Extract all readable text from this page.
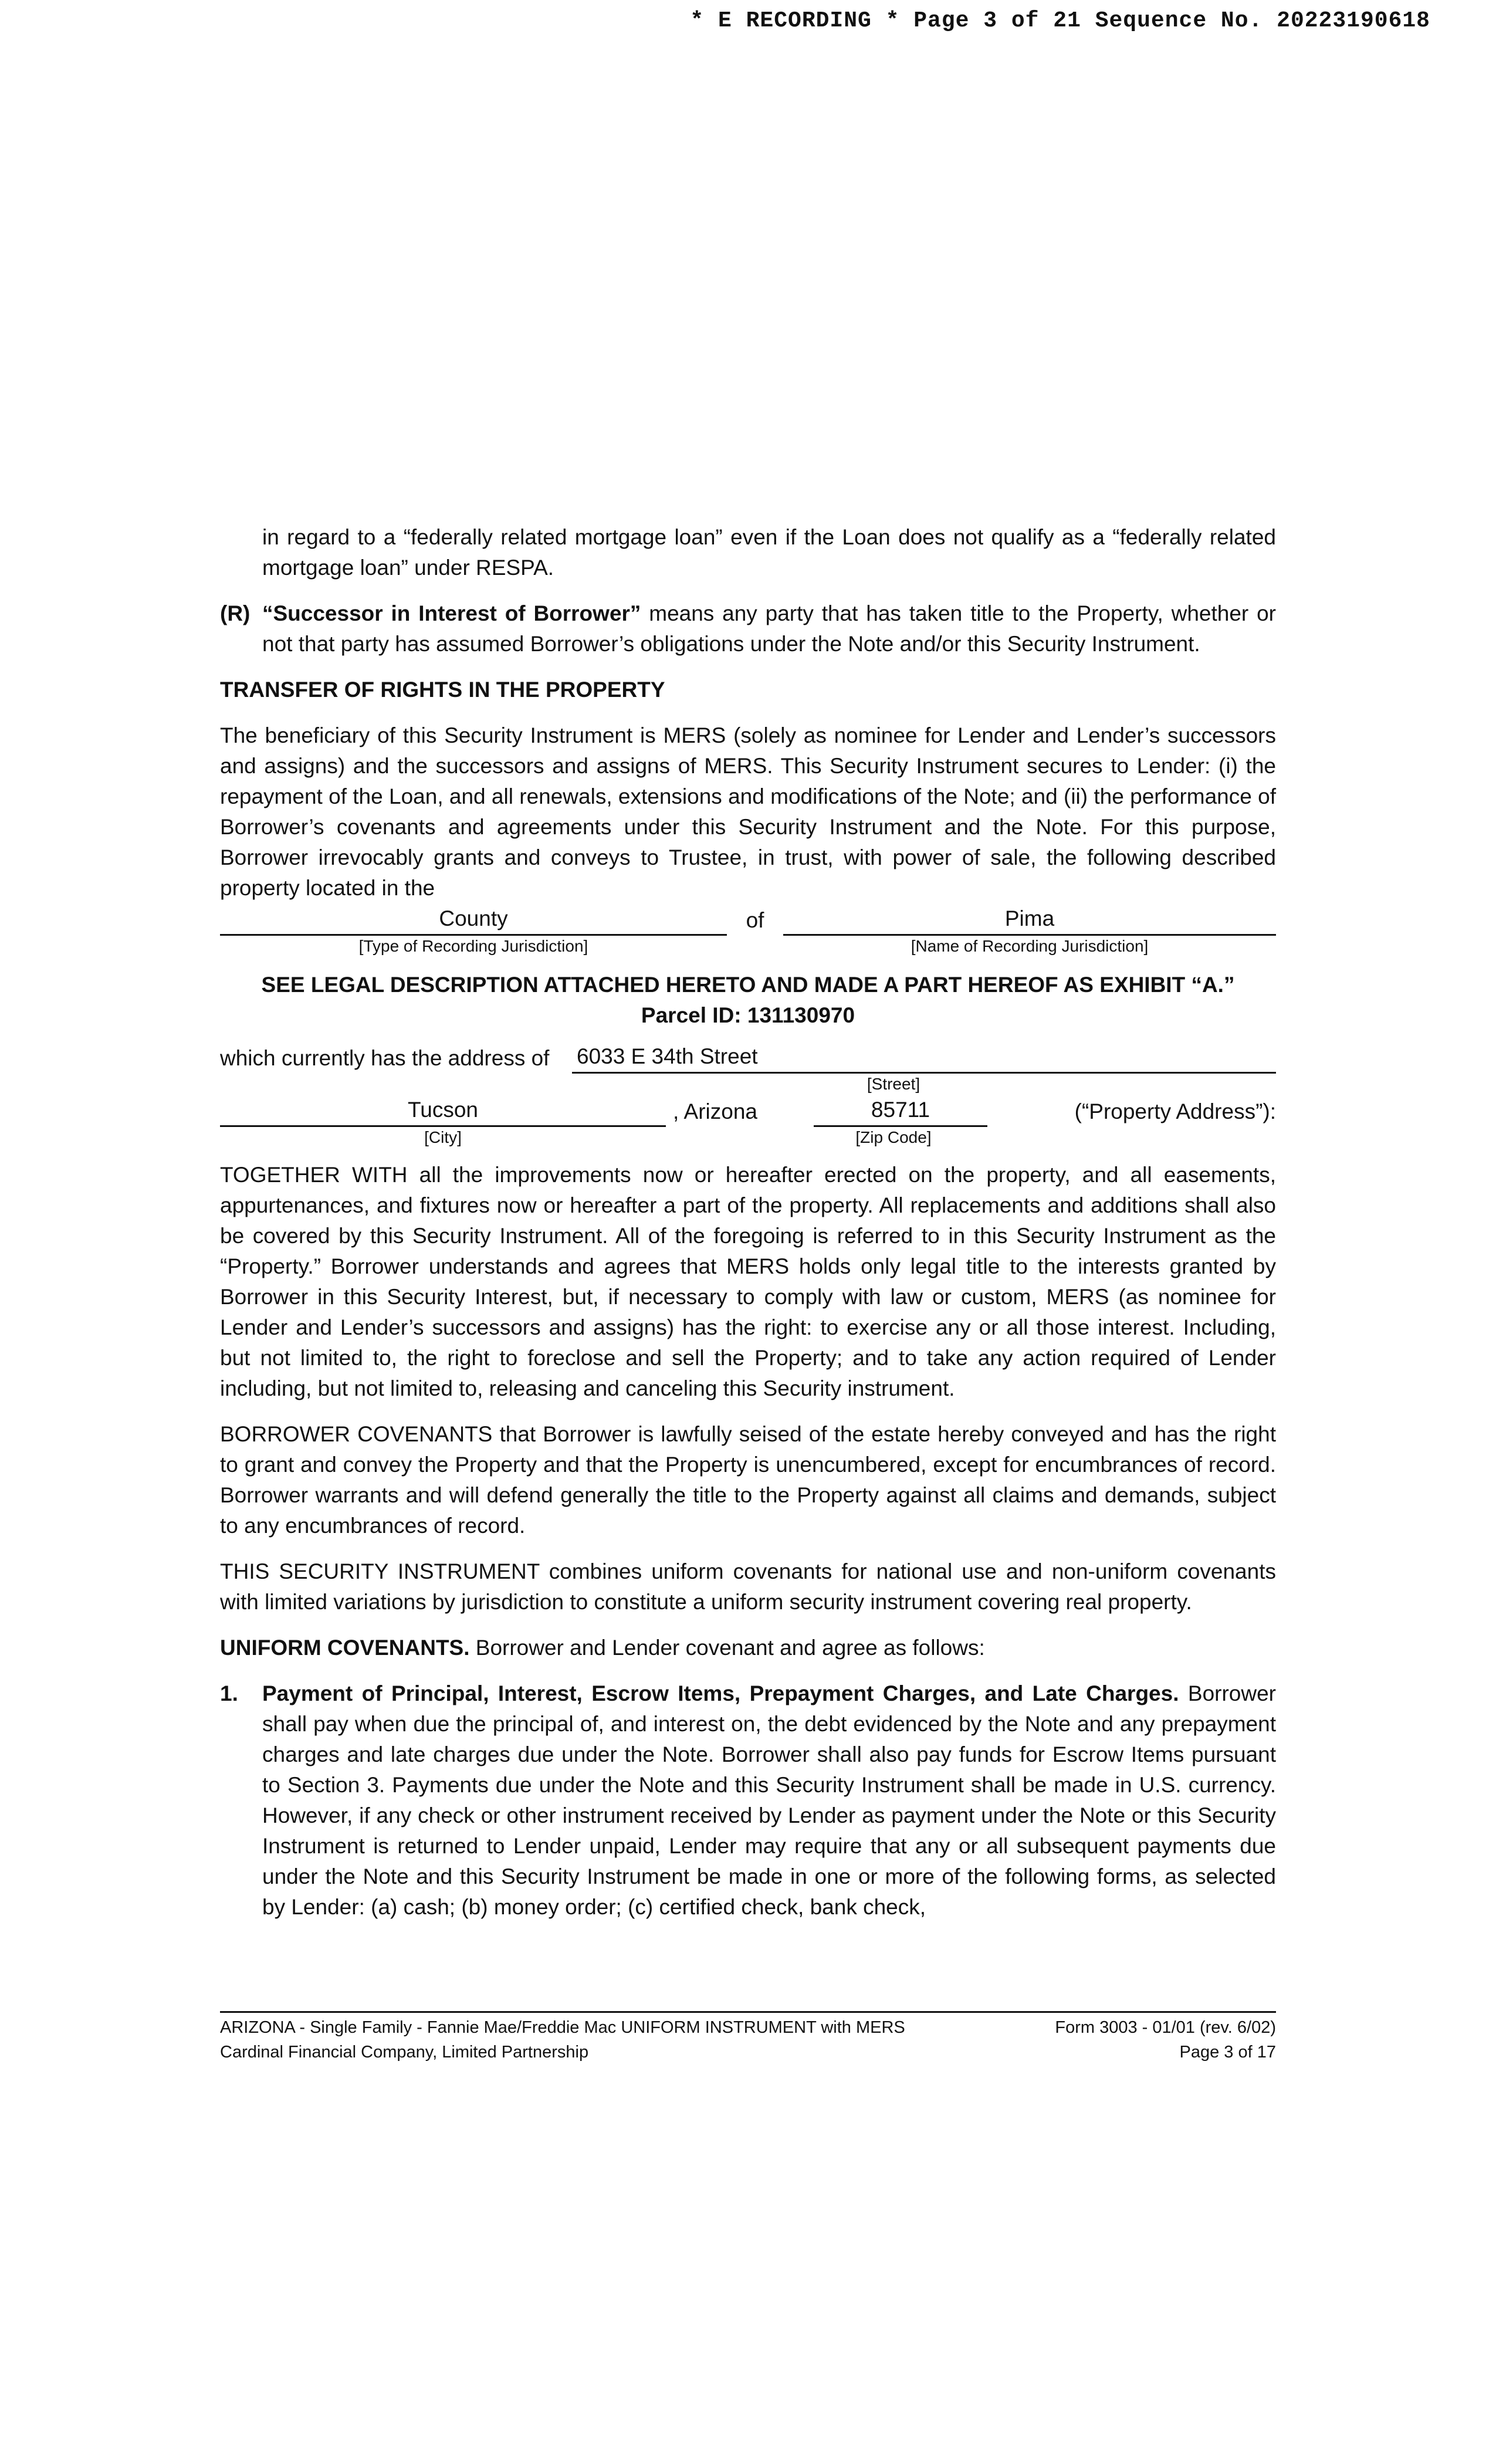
* E RECORDING * Page 3 of 21 Sequence No. 20223190618
in regard to a “federally related mortgage loan” even if the Loan does not qualify as a “federally related mortgage loan” under RESPA.
(R) “Successor in Interest of Borrower” means any party that has taken title to the Property, whether or not that party has assumed Borrower’s obligations under the Note and/or this Security Instrument.
TRANSFER OF RIGHTS IN THE PROPERTY
The beneficiary of this Security Instrument is MERS (solely as nominee for Lender and Lender’s successors and assigns) and the successors and assigns of MERS. This Security Instrument secures to Lender: (i) the repayment of the Loan, and all renewals, extensions and modifications of the Note; and (ii) the performance of Borrower’s covenants and agreements under this Security Instrument and the Note. For this purpose, Borrower irrevocably grants and conveys to Trustee, in trust, with power of sale, the following described property located in the
County	of	Pima
[Type of Recording Jurisdiction]	[Name of Recording Jurisdiction]
SEE LEGAL DESCRIPTION ATTACHED HERETO AND MADE A PART HEREOF AS EXHIBIT “A.”
Parcel ID: 131130970
which currently has the address of	6033 E 34th Street
[Street]
Tucson	, Arizona	85711	(“Property Address”):
[City]	[Zip Code]
TOGETHER WITH all the improvements now or hereafter erected on the property, and all easements, appurtenances, and fixtures now or hereafter a part of the property. All replacements and additions shall also be covered by this Security Instrument. All of the foregoing is referred to in this Security Instrument as the “Property.” Borrower understands and agrees that MERS holds only legal title to the interests granted by Borrower in this Security Interest, but, if necessary to comply with law or custom, MERS (as nominee for Lender and Lender’s successors and assigns) has the right: to exercise any or all those interest. Including, but not limited to, the right to foreclose and sell the Property; and to take any action required of Lender including, but not limited to, releasing and canceling this Security instrument.
BORROWER COVENANTS that Borrower is lawfully seised of the estate hereby conveyed and has the right to grant and convey the Property and that the Property is unencumbered, except for encumbrances of record. Borrower warrants and will defend generally the title to the Property against all claims and demands, subject to any encumbrances of record.
THIS SECURITY INSTRUMENT combines uniform covenants for national use and non-uniform covenants with limited variations by jurisdiction to constitute a uniform security instrument covering real property.
UNIFORM COVENANTS. Borrower and Lender covenant and agree as follows:
1.	Payment of Principal, Interest, Escrow Items, Prepayment Charges, and Late Charges. Borrower shall pay when due the principal of, and interest on, the debt evidenced by the Note and any prepayment charges and late charges due under the Note. Borrower shall also pay funds for Escrow Items pursuant to Section 3. Payments due under the Note and this Security Instrument shall be made in U.S. currency. However, if any check or other instrument received by Lender as payment under the Note or this Security Instrument is returned to Lender unpaid, Lender may require that any or all subsequent payments due under the Note and this Security Instrument be made in one or more of the following forms, as selected by Lender: (a) cash; (b) money order; (c) certified check, bank check,
ARIZONA - Single Family - Fannie Mae/Freddie Mac UNIFORM INSTRUMENT with MERS
Cardinal Financial Company, Limited Partnership
Form 3003 - 01/01 (rev. 6/02)
Page 3 of 17
